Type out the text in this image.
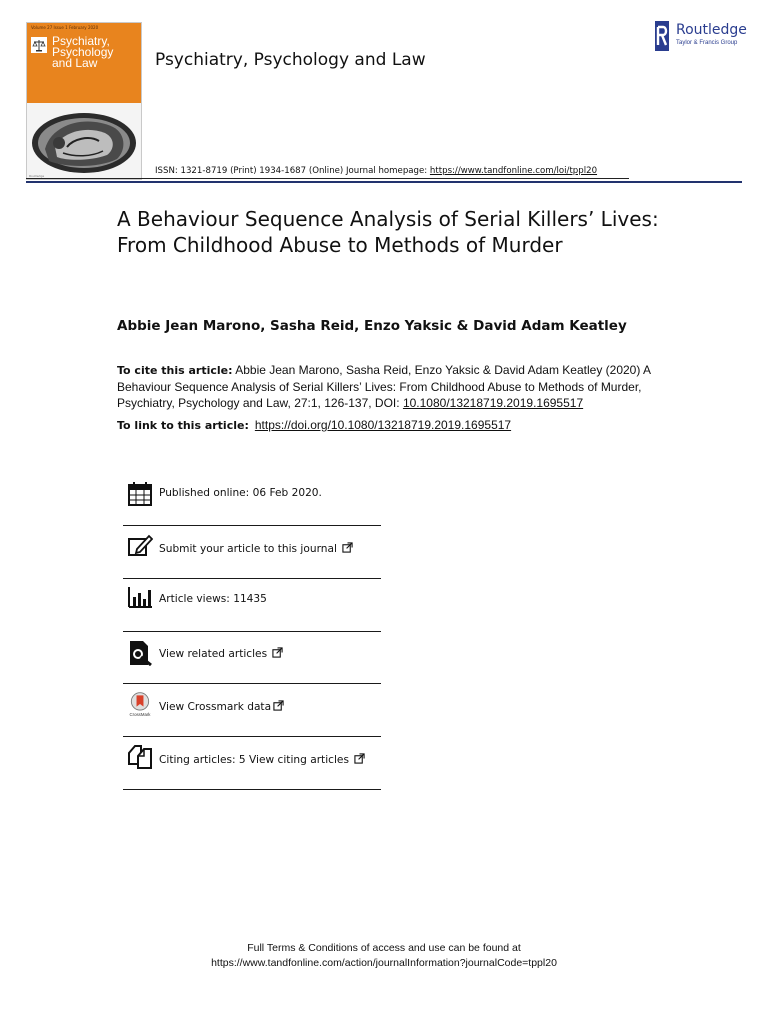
Volume 27 Issue 1 February 2020
Psychiatry,
Psychology
and Law
Routledge
Psychiatry, Psychology and Law
Routledge
Taylor & Francis Group
ISSN: 1321-8719 (Print) 1934-1687 (Online) Journal homepage: https://www.tandfonline.com/loi/tppl20
A Behaviour Sequence Analysis of Serial Killers’ Lives: From Childhood Abuse to Methods of Murder
Abbie Jean Marono, Sasha Reid, Enzo Yaksic & David Adam Keatley
To cite this article: Abbie Jean Marono, Sasha Reid, Enzo Yaksic & David Adam Keatley (2020) A Behaviour Sequence Analysis of Serial Killers’ Lives: From Childhood Abuse to Methods of Murder, Psychiatry, Psychology and Law, 27:1, 126-137, DOI: 10.1080/13218719.2019.1695517
To link to this article: https://doi.org/10.1080/13218719.2019.1695517
Published online: 06 Feb 2020.
Submit your article to this journal
Article views: 11435
View related articles
CrossMark
View Crossmark data
Citing articles: 5 View citing articles
Full Terms & Conditions of access and use can be found at
https://www.tandfonline.com/action/journalInformation?journalCode=tppl20
